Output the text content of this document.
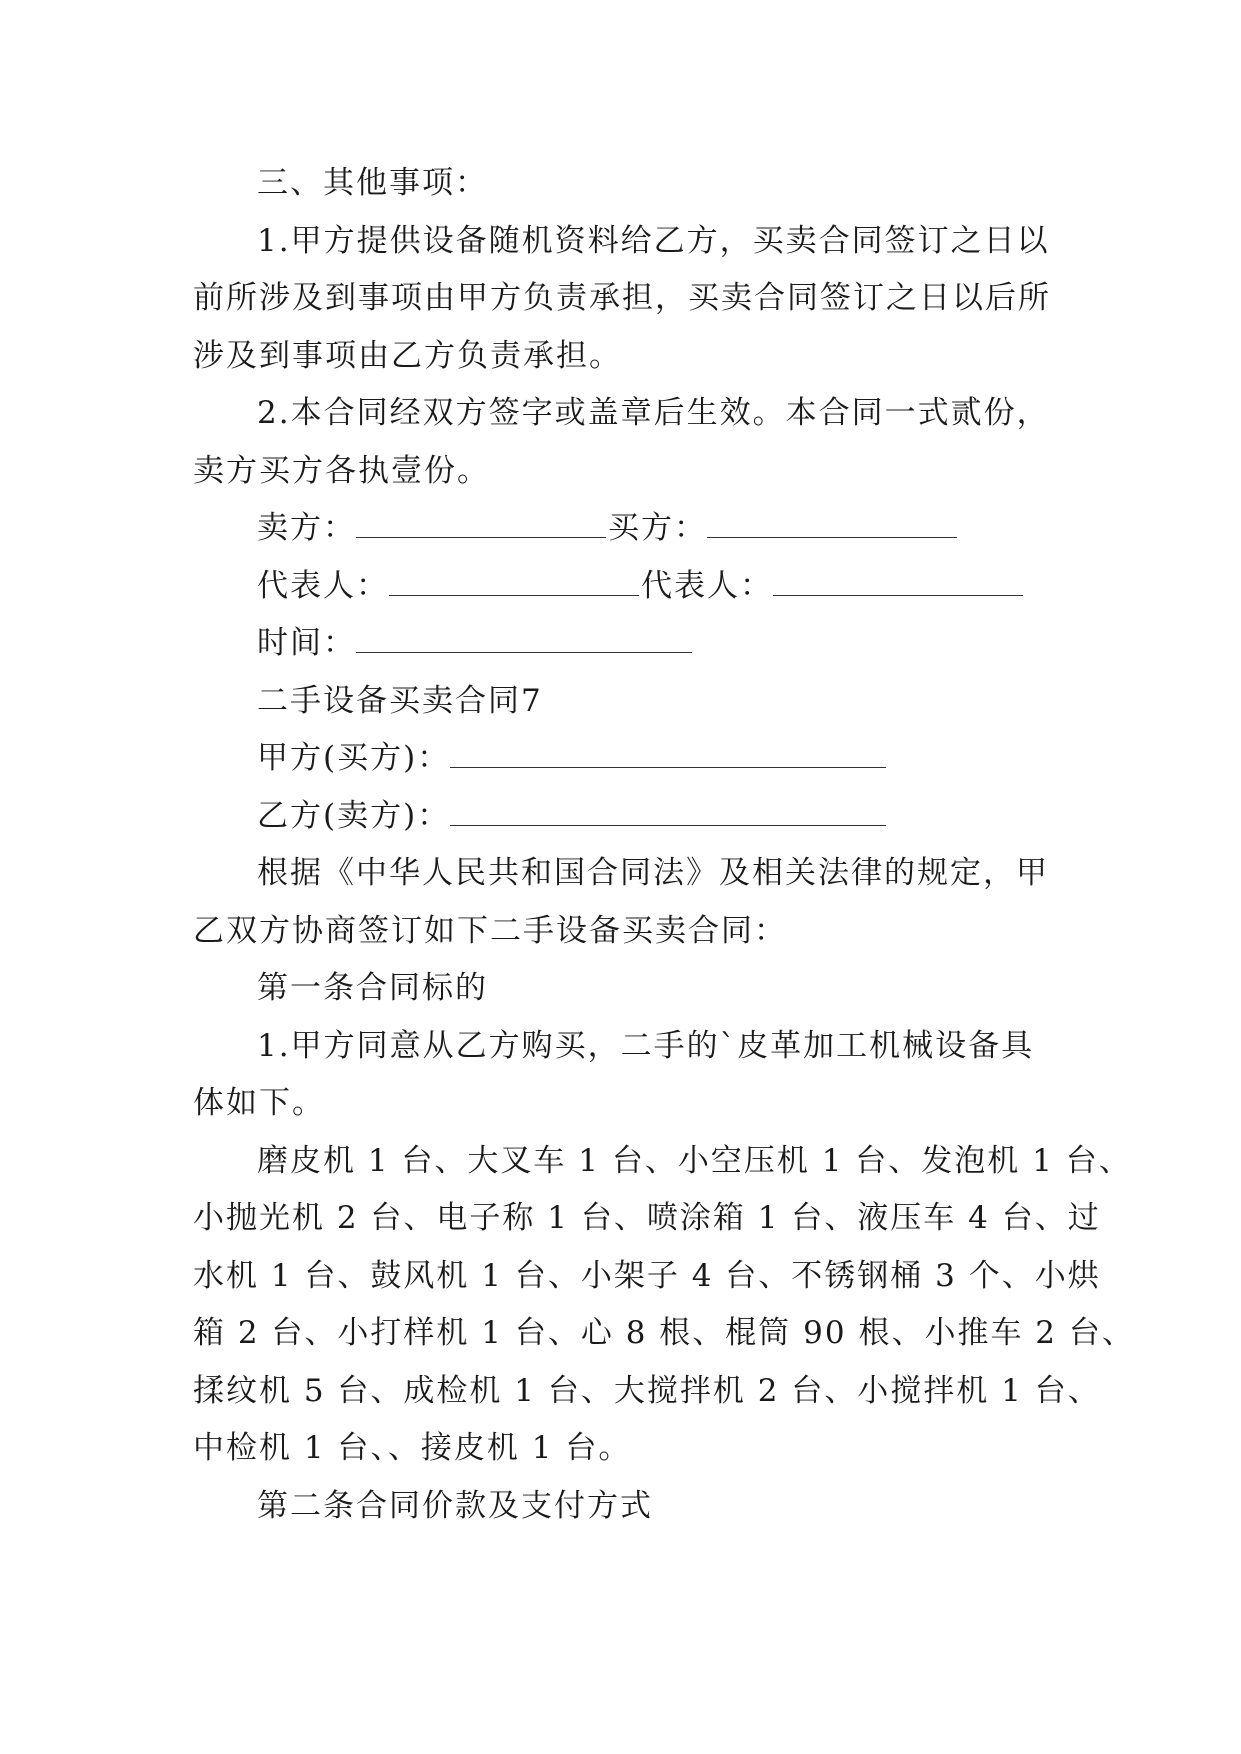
三、其他事项：

1.甲方提供设备随机资料给乙方，买卖合同签订之日以

前所涉及到事项由甲方负责承担，买卖合同签订之日以后所

涉及到事项由乙方负责承担。

2.本合同经双方签字或盖章后生效。本合同一式贰份，

卖方买方各执壹份。

卖方：	买方：

代表人：	代表人：

时间：

二手设备买卖合同7

甲方(买方)：

乙方(卖方)：

根据《中华人民共和国合同法》及相关法律的规定，甲

乙双方协商签订如下二手设备买卖合同：

第一条合同标的

1.甲方同意从乙方购买，二手的`皮革加工机械设备具

体如下。

磨皮机 1 台、大叉车 1 台、小空压机 1 台、发泡机 1 台、

小抛光机 2 台、电子称 1 台、喷涂箱 1 台、液压车 4 台、过

水机 1 台、鼓风机 1 台、小架子 4 台、不锈钢桶 3 个、小烘

箱 2 台、小打样机 1 台、心 8 根、棍筒 90 根、小推车 2 台、

揉纹机 5 台、成检机 1 台、大搅拌机 2 台、小搅拌机 1 台、

中检机 1 台、、接皮机 1 台。

第二条合同价款及支付方式
